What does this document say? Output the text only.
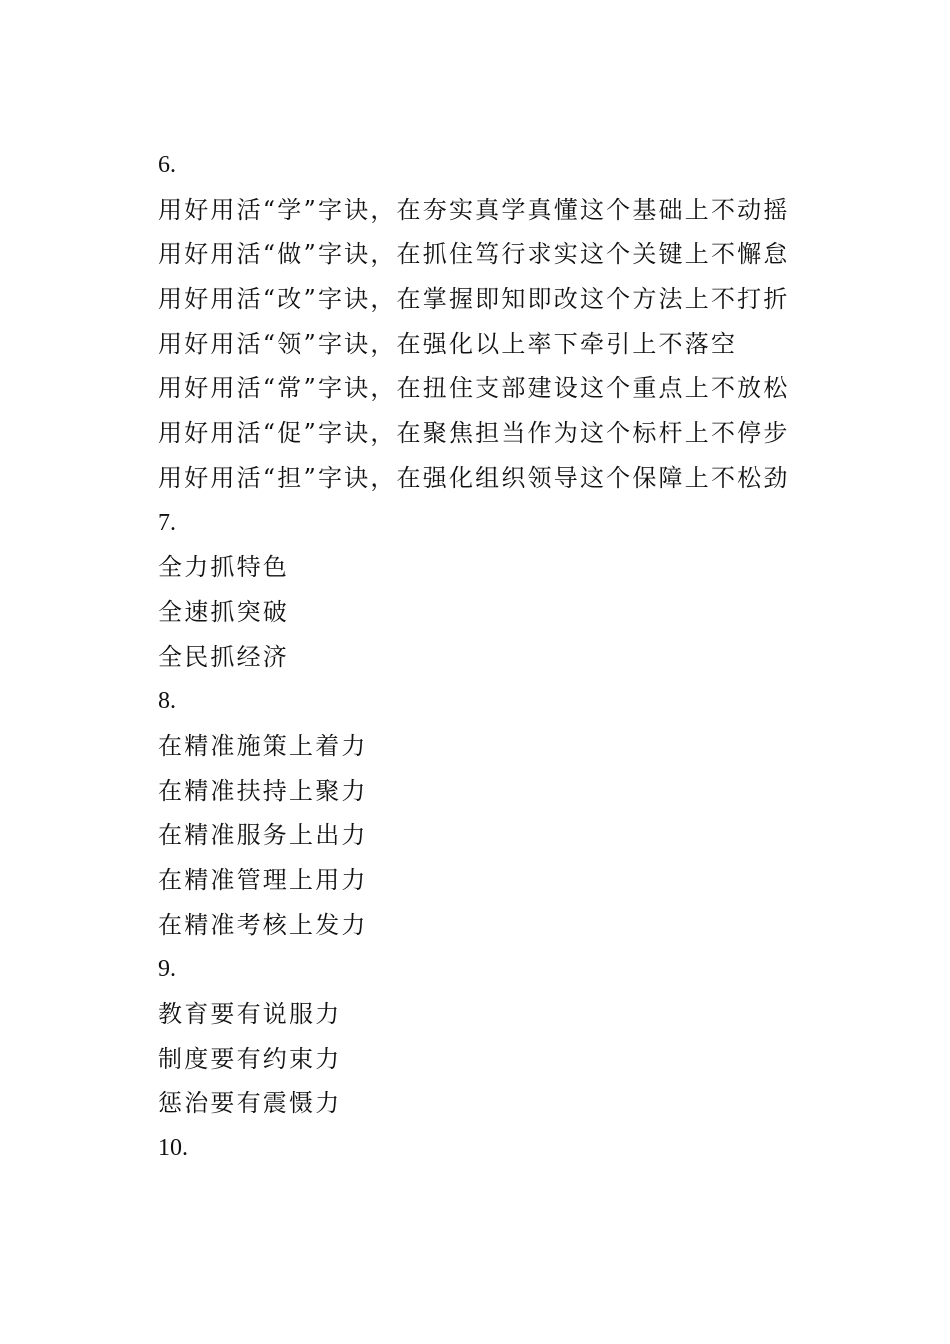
6.
用好用活“学”字诀，在夯实真学真懂这个基础上不动摇
用好用活“做”字诀，在抓住笃行求实这个关键上不懈怠
用好用活“改”字诀，在掌握即知即改这个方法上不打折
用好用活“领”字诀，在强化以上率下牵引上不落空
用好用活“常”字诀，在扭住支部建设这个重点上不放松
用好用活“促”字诀，在聚焦担当作为这个标杆上不停步
用好用活“担”字诀，在强化组织领导这个保障上不松劲
7.
全力抓特色
全速抓突破
全民抓经济
8.
在精准施策上着力
在精准扶持上聚力
在精准服务上出力
在精准管理上用力
在精准考核上发力
9.
教育要有说服力
制度要有约束力
惩治要有震慑力
10.
